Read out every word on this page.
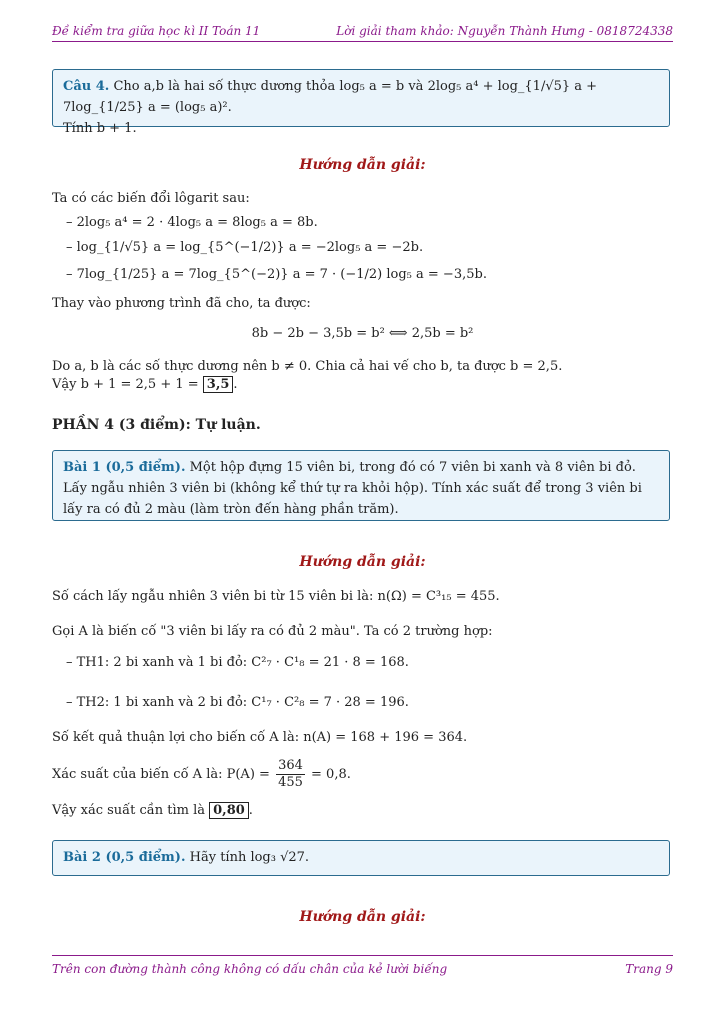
Đề kiểm tra giữa học kì II Toán 11	Lời giải tham khảo: Nguyễn Thành Hưng - 0818724338
Câu 4. Cho a,b là hai số thực dương thỏa log₅ a = b và 2log₅ a⁴ + log_{1/√5} a + 7log_{1/25} a = (log₅ a)².
Tính b + 1.
Hướng dẫn giải:
Ta có các biến đổi lôgarit sau:
– 2log₅ a⁴ = 2 · 4log₅ a = 8log₅ a = 8b.
– log_{1/√5} a = log_{5^(−1/2)} a = −2log₅ a = −2b.
– 7log_{1/25} a = 7log_{5^(−2)} a = 7 · (−1/2) log₅ a = −3,5b.
Thay vào phương trình đã cho, ta được:
8b − 2b − 3,5b = b² ⟺ 2,5b = b²
Do a, b là các số thực dương nên b ≠ 0. Chia cả hai vế cho b, ta được b = 2,5.
Vậy b + 1 = 2,5 + 1 = 3,5 .
PHẦN 4 (3 điểm): Tự luận.
Bài 1 (0,5 điểm). Một hộp đựng 15 viên bi, trong đó có 7 viên bi xanh và 8 viên bi đỏ. Lấy ngẫu nhiên 3 viên bi (không kể thứ tự ra khỏi hộp). Tính xác suất để trong 3 viên bi lấy ra có đủ 2 màu (làm tròn đến hàng phần trăm).
Hướng dẫn giải:
Số cách lấy ngẫu nhiên 3 viên bi từ 15 viên bi là: n(Ω) = C³₁₅ = 455.
Gọi A là biến cố "3 viên bi lấy ra có đủ 2 màu". Ta có 2 trường hợp:
– TH1: 2 bi xanh và 1 bi đỏ: C²₇ · C¹₈ = 21 · 8 = 168.
– TH2: 1 bi xanh và 2 bi đỏ: C¹₇ · C²₈ = 7 · 28 = 196.
Số kết quả thuận lợi cho biến cố A là: n(A) = 168 + 196 = 364.
Xác suất của biến cố A là: $P(A) = \frac{364}{455} = 0,8$.
Vậy xác suất cần tìm là 0,80 .
Bài 2 (0,5 điểm). Hãy tính log₃ √27.
Hướng dẫn giải:
Trên con đường thành công không có dấu chân của kẻ lười biếng	Trang 9
